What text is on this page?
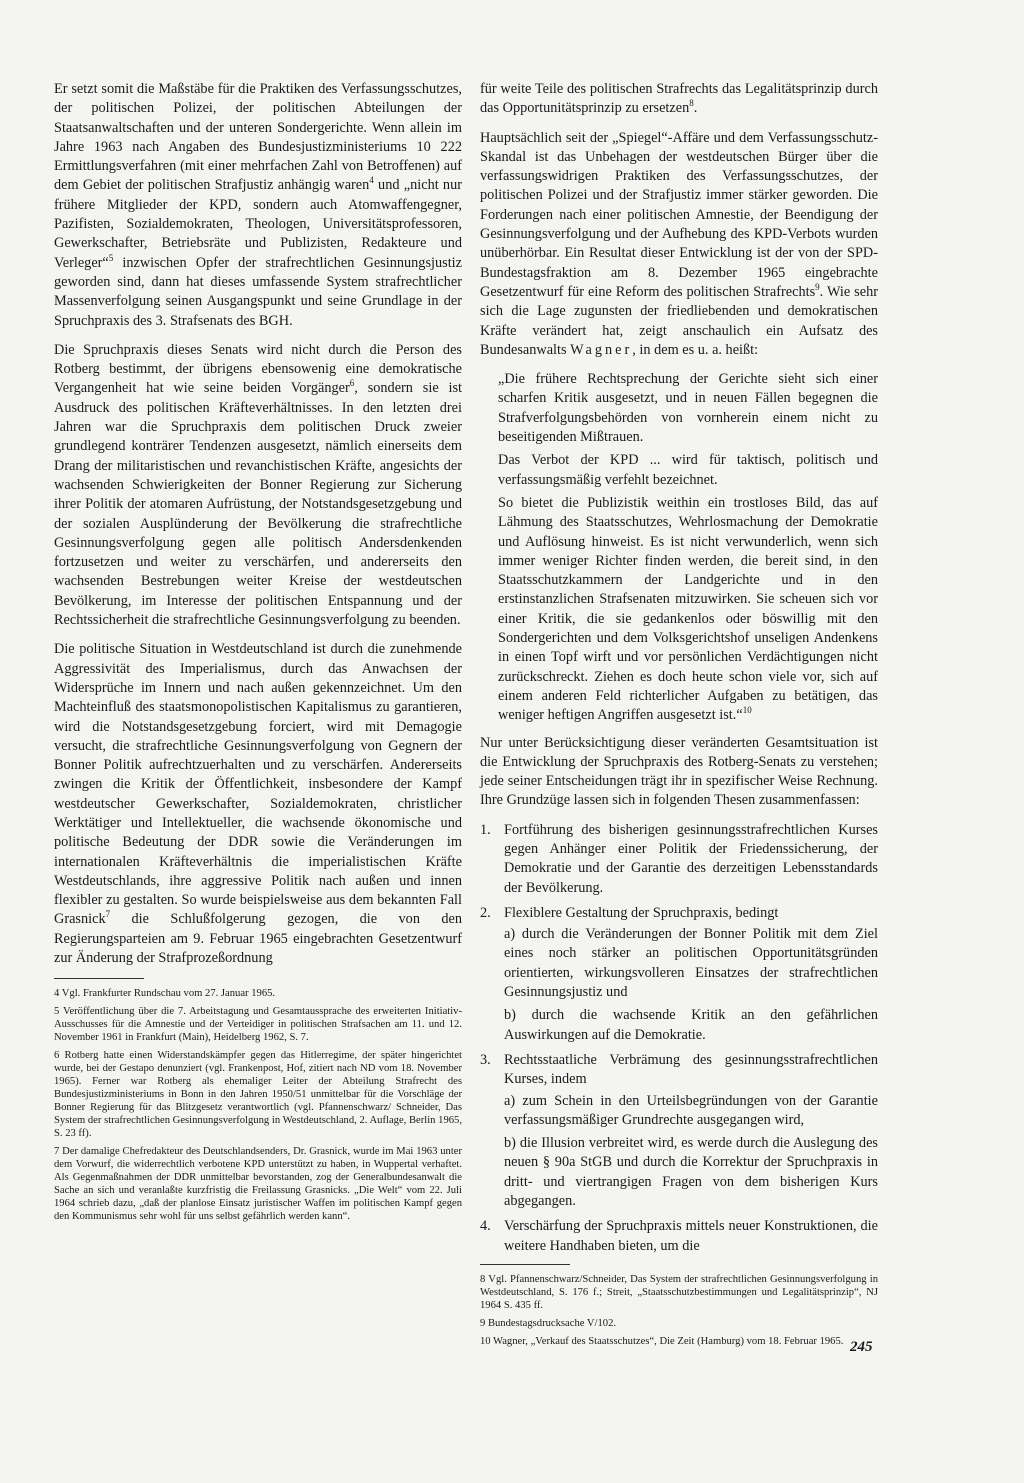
Er setzt somit die Maßstäbe für die Praktiken des Verfassungsschutzes, der politischen Polizei, der politischen Abteilungen der Staatsanwaltschaften und der unteren Sondergerichte. Wenn allein im Jahre 1963 nach Angaben des Bundesjustizministeriums 10 222 Ermittlungsverfahren (mit einer mehrfachen Zahl von Betroffenen) auf dem Gebiet der politischen Strafjustiz anhängig waren$^4$ und „nicht nur frühere Mitglieder der KPD, sondern auch Atomwaffengegner, Pazifisten, Sozialdemokraten, Theologen, Universitätsprofessoren, Gewerkschafter, Betriebsräte und Publizisten, Redakteure und Verleger“$^5$ inzwischen Opfer der strafrechtlichen Gesinnungsjustiz geworden sind, dann hat dieses umfassende System strafrechtlicher Massenverfolgung seinen Ausgangspunkt und seine Grundlage in der Spruchpraxis des 3. Strafsenats des BGH.

Die Spruchpraxis dieses Senats wird nicht durch die Person des Rotberg bestimmt, der übrigens ebensowenig eine demokratische Vergangenheit hat wie seine beiden Vorgänger$^6$, sondern sie ist Ausdruck des politischen Kräfteverhältnisses. In den letzten drei Jahren war die Spruchpraxis dem politischen Druck zweier grundlegend konträrer Tendenzen ausgesetzt, nämlich einerseits dem Drang der militaristischen und revanchistischen Kräfte, angesichts der wachsenden Schwierigkeiten der Bonner Regierung zur Sicherung ihrer Politik der atomaren Aufrüstung, der Notstandsgesetzgebung und der sozialen Ausplünderung der Bevölkerung die strafrechtliche Gesinnungsverfolgung gegen alle politisch Andersdenkenden fortzusetzen und weiter zu verschärfen, und andererseits den wachsenden Bestrebungen weiter Kreise der westdeutschen Bevölkerung, im Interesse der politischen Entspannung und der Rechtssicherheit die strafrechtliche Gesinnungsverfolgung zu beenden.

Die politische Situation in Westdeutschland ist durch die zunehmende Aggressivität des Imperialismus, durch das Anwachsen der Widersprüche im Innern und nach außen gekennzeichnet. Um den Machteinfluß des staatsmonopolistischen Kapitalismus zu garantieren, wird die Notstandsgesetzgebung forciert, wird mit Demagogie versucht, die strafrechtliche Gesinnungsverfolgung von Gegnern der Bonner Politik aufrechtzuerhalten und zu verschärfen. Andererseits zwingen die Kritik der Öffentlichkeit, insbesondere der Kampf westdeutscher Gewerkschafter, Sozialdemokraten, christlicher Werktätiger und Intellektueller, die wachsende ökonomische und politische Bedeutung der DDR sowie die Veränderungen im internationalen Kräfteverhältnis die imperialistischen Kräfte Westdeutschlands, ihre aggressive Politik nach außen und innen flexibler zu gestalten. So wurde beispielsweise aus dem bekannten Fall Grasnick$^7$ die Schlußfolgerung gezogen, die von den Regierungsparteien am 9. Februar 1965 eingebrachten Gesetzentwurf zur Änderung der Strafprozeßordnung

4 Vgl. Frankfurter Rundschau vom 27. Januar 1965.

5 Veröffentlichung über die 7. Arbeitstagung und Gesamtaussprache des erweiterten Initiativ-Ausschusses für die Amnestie und der Verteidiger in politischen Strafsachen am 11. und 12. November 1961 in Frankfurt (Main), Heidelberg 1962, S. 7.

6 Rotberg hatte einen Widerstandskämpfer gegen das Hitlerregime, der später hingerichtet wurde, bei der Gestapo denunziert (vgl. Frankenpost, Hof, zitiert nach ND vom 18. November 1965). Ferner war Rotberg als ehemaliger Leiter der Abteilung Strafrecht des Bundesjustizministeriums in Bonn in den Jahren 1950/51 unmittelbar für die Vorschläge der Bonner Regierung für das Blitzgesetz verantwortlich (vgl. Pfannenschwarz/ Schneider, Das System der strafrechtlichen Gesinnungsverfolgung in Westdeutschland, 2. Auflage, Berlin 1965, S. 23 ff).

7 Der damalige Chefredakteur des Deutschlandsenders, Dr. Grasnick, wurde im Mai 1963 unter dem Vorwurf, die widerrechtlich verbotene KPD unterstützt zu haben, in Wuppertal verhaftet. Als Gegenmaßnahmen der DDR unmittelbar bevorstanden, zog der Generalbundesanwalt die Sache an sich und veranlaßte kurzfristig die Freilassung Grasnicks. „Die Welt“ vom 22. Juli 1964 schrieb dazu, „daß der planlose Einsatz juristischer Waffen im politischen Kampf gegen den Kommunismus sehr wohl für uns selbst gefährlich werden kann“.

für weite Teile des politischen Strafrechts das Legalitätsprinzip durch das Opportunitätsprinzip zu ersetzen$^8$.

Hauptsächlich seit der „Spiegel“-Affäre und dem Verfassungsschutz-Skandal ist das Unbehagen der westdeutschen Bürger über die verfassungswidrigen Praktiken des Verfassungsschutzes, der politischen Polizei und der Strafjustiz immer stärker geworden. Die Forderungen nach einer politischen Amnestie, der Beendigung der Gesinnungsverfolgung und der Aufhebung des KPD-Verbots wurden unüberhörbar. Ein Resultat dieser Entwicklung ist der von der SPD-Bundestagsfraktion am 8. Dezember 1965 eingebrachte Gesetzentwurf für eine Reform des politischen Strafrechts$^9$. Wie sehr sich die Lage zugunsten der friedliebenden und demokratischen Kräfte verändert hat, zeigt anschaulich ein Aufsatz des Bundesanwalts Wagner, in dem es u. a. heißt:

„Die frühere Rechtsprechung der Gerichte sieht sich einer scharfen Kritik ausgesetzt, und in neuen Fällen begegnen die Strafverfolgungsbehörden von vornherein einem nicht zu beseitigenden Mißtrauen.

Das Verbot der KPD ... wird für taktisch, politisch und verfassungsmäßig verfehlt bezeichnet.

So bietet die Publizistik weithin ein trostloses Bild, das auf Lähmung des Staatsschutzes, Wehrlosmachung der Demokratie und Auflösung hinweist. Es ist nicht verwunderlich, wenn sich immer weniger Richter finden werden, die bereit sind, in den Staatsschutzkammern der Landgerichte und in den erstinstanzlichen Strafsenaten mitzuwirken. Sie scheuen sich vor einer Kritik, die sie gedankenlos oder böswillig mit den Sondergerichten und dem Volksgerichtshof unseligen Andenkens in einen Topf wirft und vor persönlichen Verdächtigungen nicht zurückschreckt. Ziehen es doch heute schon viele vor, sich auf einem anderen Feld richterlicher Aufgaben zu betätigen, das weniger heftigen Angriffen ausgesetzt ist.“$^{10}$

Nur unter Berücksichtigung dieser veränderten Gesamtsituation ist die Entwicklung der Spruchpraxis des Rotberg-Senats zu verstehen; jede seiner Entscheidungen trägt ihr in spezifischer Weise Rechnung. Ihre Grundzüge lassen sich in folgenden Thesen zusammenfassen:

1. Fortführung des bisherigen gesinnungsstrafrechtlichen Kurses gegen Anhänger einer Politik der Friedenssicherung, der Demokratie und der Garantie des derzeitigen Lebensstandards der Bevölkerung.
2. Flexiblere Gestaltung der Spruchpraxis, bedingt
a) durch die Veränderungen der Bonner Politik mit dem Ziel eines noch stärker an politischen Opportunitätsgründen orientierten, wirkungsvolleren Einsatzes der strafrechtlichen Gesinnungsjustiz und
b) durch die wachsende Kritik an den gefährlichen Auswirkungen auf die Demokratie.
3. Rechtsstaatliche Verbrämung des gesinnungsstrafrechtlichen Kurses, indem
a) zum Schein in den Urteilsbegründungen von der Garantie verfassungsmäßiger Grundrechte ausgegangen wird,
b) die Illusion verbreitet wird, es werde durch die Auslegung des neuen § 90a StGB und durch die Korrektur der Spruchpraxis in dritt- und viertrangigen Fragen von dem bisherigen Kurs abgegangen.
4. Verschärfung der Spruchpraxis mittels neuer Konstruktionen, die weitere Handhaben bieten, um die

8 Vgl. Pfannenschwarz/Schneider, Das System der strafrechtlichen Gesinnungsverfolgung in Westdeutschland, S. 176 f.; Streit, „Staatsschutzbestimmungen und Legalitätsprinzip“, NJ 1964 S. 435 ff.

9 Bundestagsdrucksache V/102.

10 Wagner, „Verkauf des Staatsschutzes“, Die Zeit (Hamburg) vom 18. Februar 1965. 245
